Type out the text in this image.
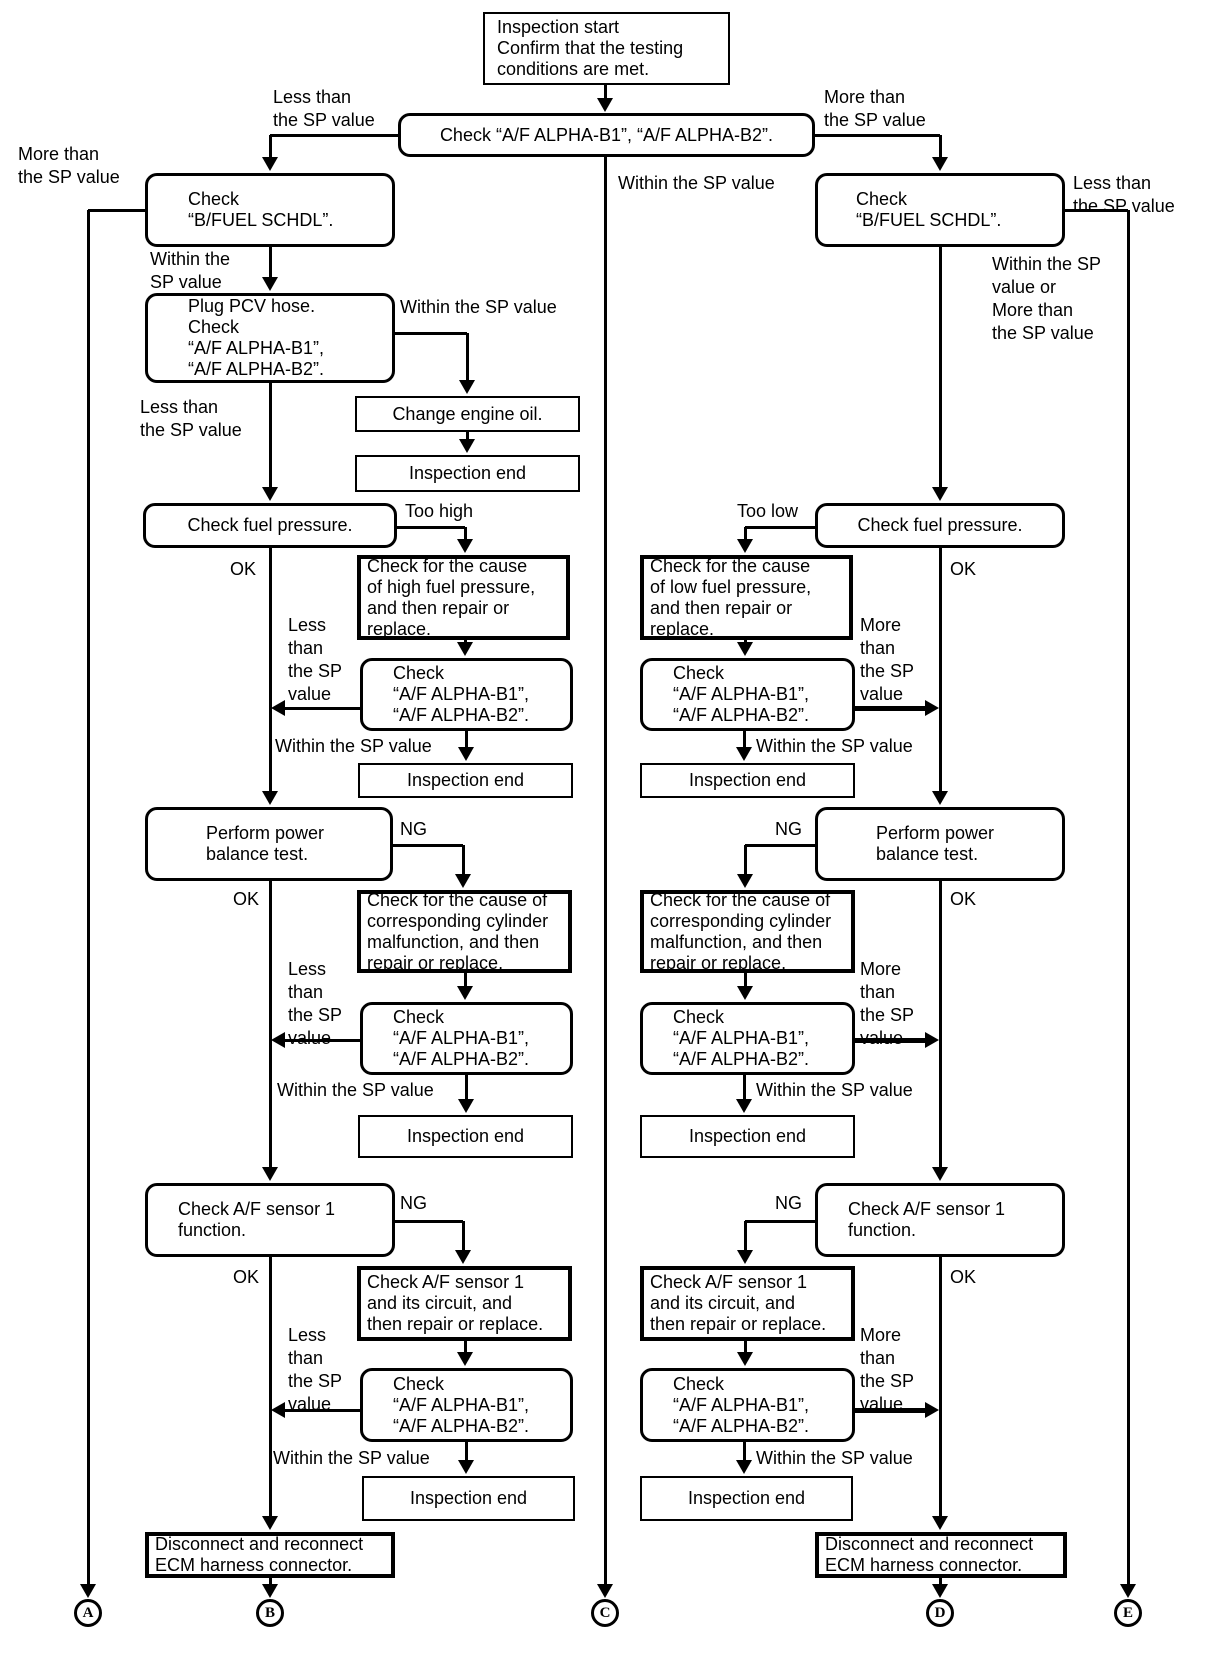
Inspection start
Confirm that the testing
conditions are met.
Check “A/F ALPHA-B1”, “A/F ALPHA-B2”.
Check
“B/FUEL SCHDL”.
Plug PCV hose.
Check
“A/F ALPHA-B1”,
“A/F ALPHA-B2”.
Change engine oil.
Inspection end
Check fuel pressure.
Check for the cause
of high fuel pressure,
and then repair or
replace.
Check
“A/F ALPHA-B1”,
“A/F ALPHA-B2”.
Inspection end
Perform power
balance test.
Check for the cause of
corresponding cylinder
malfunction, and then
repair or replace.
Check
“A/F ALPHA-B1”,
“A/F ALPHA-B2”.
Inspection end
Check A/F sensor 1
function.
Check A/F sensor 1
and its circuit, and
then repair or replace.
Check
“A/F ALPHA-B1”,
“A/F ALPHA-B2”.
Inspection end
Disconnect and reconnect
ECM harness connector.
Check
“B/FUEL SCHDL”.
Check fuel pressure.
Check for the cause
of low fuel pressure,
and then repair or
replace.
Check
“A/F ALPHA-B1”,
“A/F ALPHA-B2”.
Inspection end
Perform power
balance test.
Check for the cause of
corresponding cylinder
malfunction, and then
repair or replace.
Check
“A/F ALPHA-B1”,
“A/F ALPHA-B2”.
Inspection end
Check A/F sensor 1
function.
Check A/F sensor 1
and its circuit, and
then repair or replace.
Check
“A/F ALPHA-B1”,
“A/F ALPHA-B2”.
Inspection end
Disconnect and reconnect
ECM harness connector.
Less than
the SP value
More than
the SP value
More than
the SP value	Less than
the SP value
Within the SP value
Within the
SP value
Within the SP
value or
More than
the SP value
Within the SP value
Less than
the SP value
Too high	Too low
OK	OK
Less
than
the SP
value
More
than
the SP
value
Within the SP value	Within the SP value
NG	NG
OK	OK
Less
than
the SP
value
More
than
the SP
value
Within the SP value	Within the SP value
NG	NG
OK	OK
Less
than
the SP
value
More
than
the SP
value
Within the SP value	Within the SP value
A	B	C	D	E
